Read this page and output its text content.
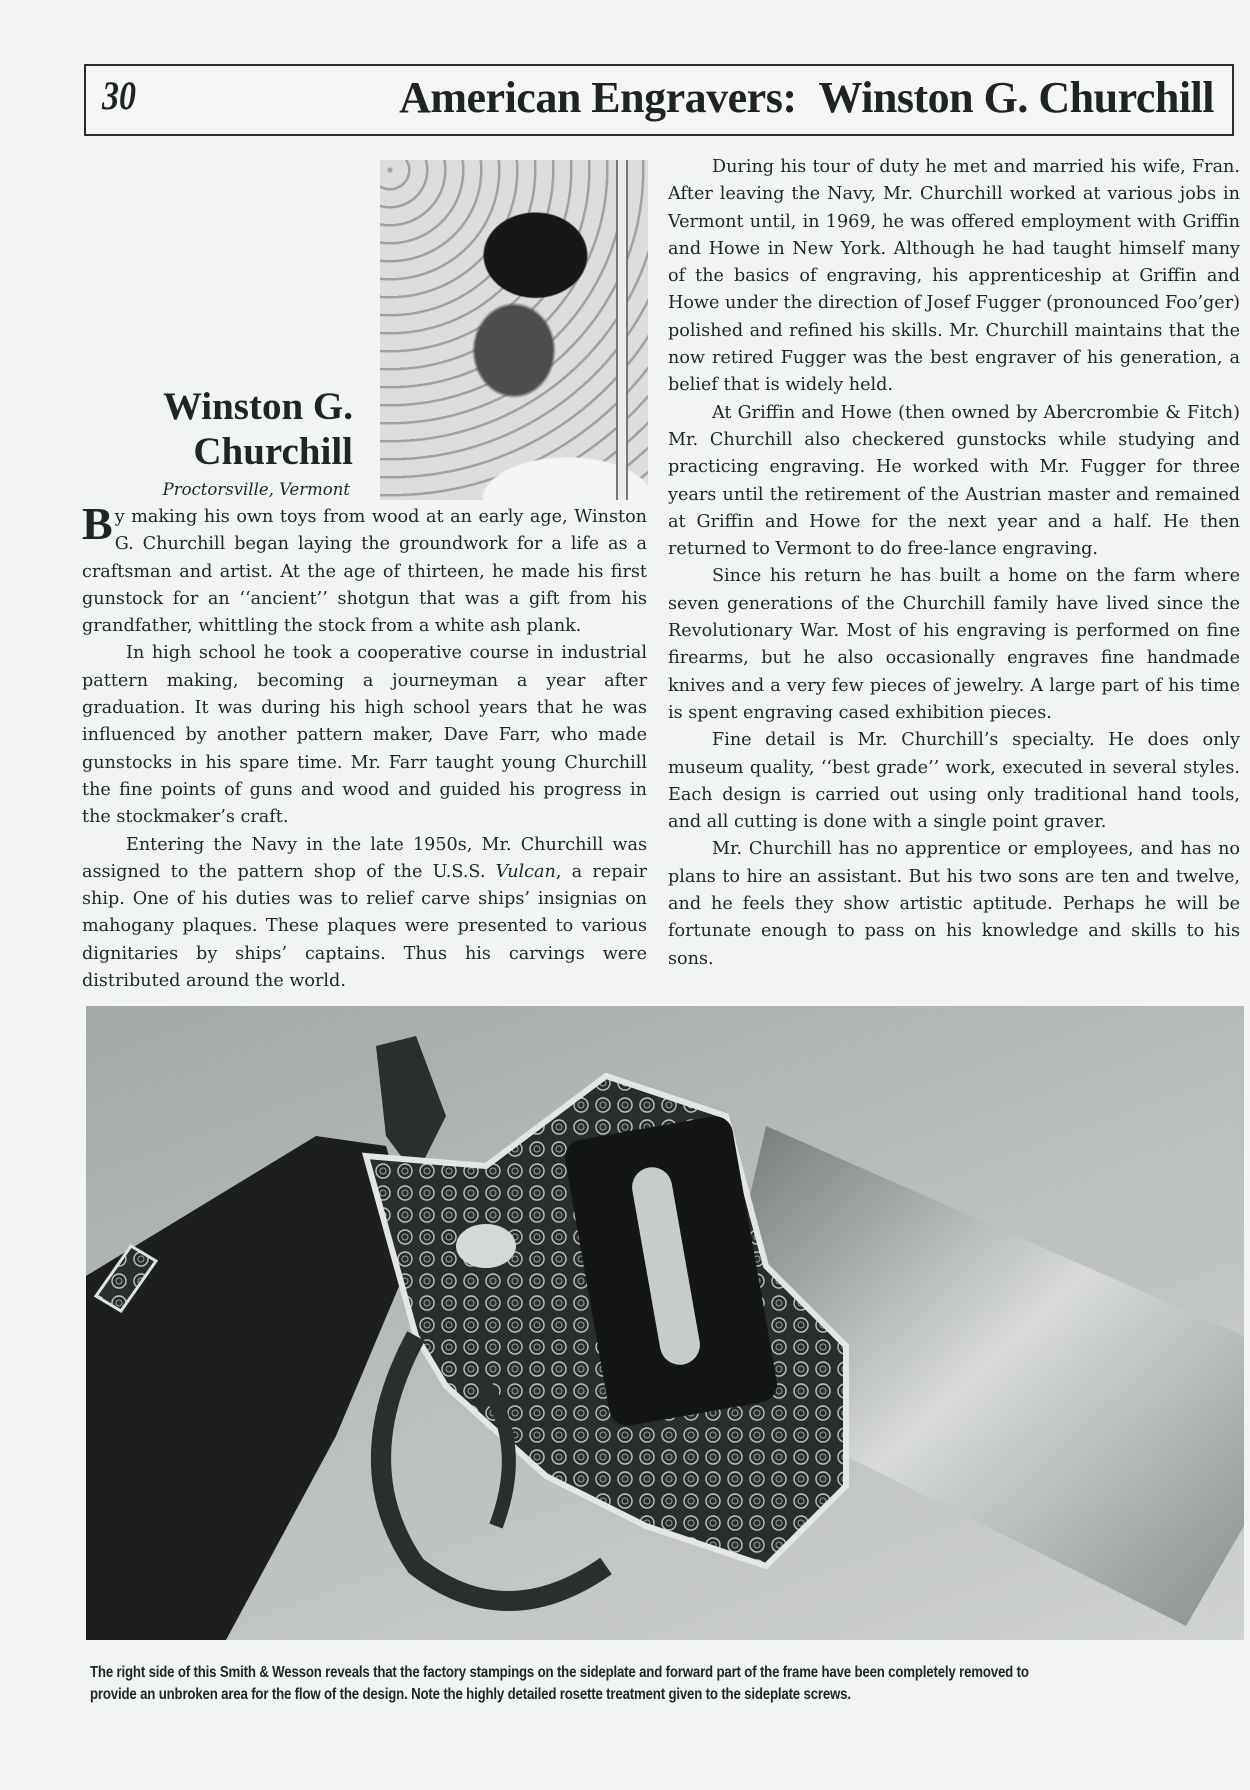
30	American Engravers: Winston G. Churchill
Winston G.
Churchill
Proctorsville, Vermont

By making his own toys from wood at an early age, Winston G. Churchill began laying the groundwork for a life as a craftsman and artist. At the age of thirteen, he made his first gunstock for an ‘‘ancient’’ shotgun that was a gift from his grandfather, whittling the stock from a white ash plank.

In high school he took a cooperative course in industrial pattern making, becoming a journeyman a year after graduation. It was during his high school years that he was influenced by another pattern maker, Dave Farr, who made gunstocks in his spare time. Mr. Farr taught young Churchill the fine points of guns and wood and guided his progress in the stockmaker’s craft.

Entering the Navy in the late 1950s, Mr. Churchill was assigned to the pattern shop of the U.S.S. Vulcan, a repair ship. One of his duties was to relief carve ships’ insignias on mahogany plaques. These plaques were presented to various dignitaries by ships’ captains. Thus his carvings were distributed around the world.

During his tour of duty he met and married his wife, Fran. After leaving the Navy, Mr. Churchill worked at various jobs in Vermont until, in 1969, he was offered employment with Griffin and Howe in New York. Although he had taught himself many of the basics of engraving, his apprenticeship at Griffin and Howe under the direction of Josef Fugger (pronounced Foo’ger) polished and refined his skills. Mr. Churchill maintains that the now retired Fugger was the best engraver of his generation, a belief that is widely held.

At Griffin and Howe (then owned by Abercrombie & Fitch) Mr. Churchill also checkered gunstocks while studying and practicing engraving. He worked with Mr. Fugger for three years until the retirement of the Austrian master and remained at Griffin and Howe for the next year and a half. He then returned to Vermont to do free-lance engraving.

Since his return he has built a home on the farm where seven generations of the Churchill family have lived since the Revolutionary War. Most of his engraving is performed on fine firearms, but he also occasionally engraves fine handmade knives and a very few pieces of jewelry. A large part of his time is spent engraving cased exhibition pieces.

Fine detail is Mr. Churchill’s specialty. He does only museum quality, ‘‘best grade’’ work, executed in several styles. Each design is carried out using only traditional hand tools, and all cutting is done with a single point graver.

Mr. Churchill has no apprentice or employees, and has no plans to hire an assistant. But his two sons are ten and twelve, and he feels they show artistic aptitude. Perhaps he will be fortunate enough to pass on his knowledge and skills to his sons.

The right side of this Smith & Wesson reveals that the factory stampings on the sideplate and forward part of the frame have been completely removed to
provide an unbroken area for the flow of the design. Note the highly detailed rosette treatment given to the sideplate screws.
